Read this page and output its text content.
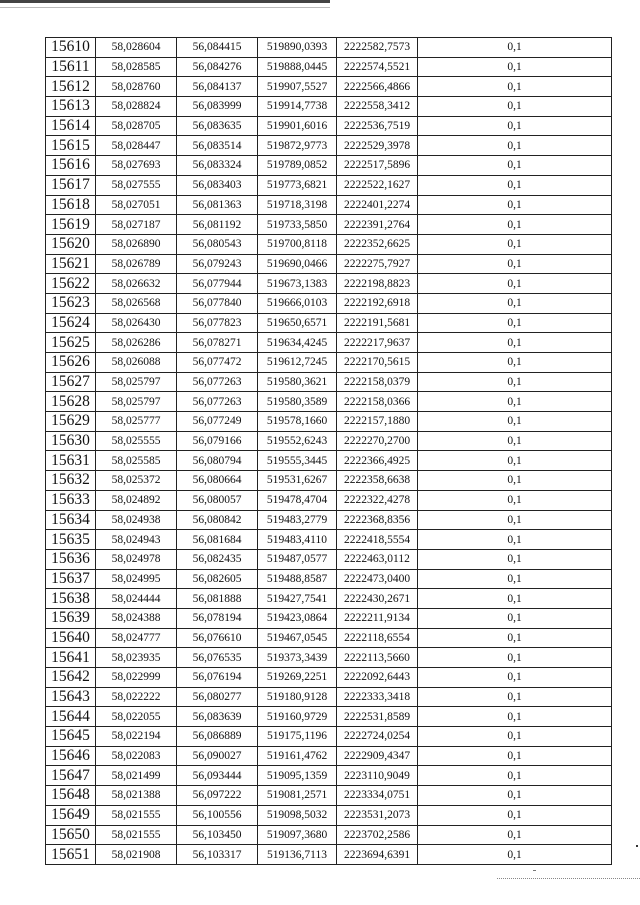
15610	58,028604	56,084415	519890,0393	2222582,7573	0,1
15611	58,028585	56,084276	519888,0445	2222574,5521	0,1
15612	58,028760	56,084137	519907,5527	2222566,4866	0,1
15613	58,028824	56,083999	519914,7738	2222558,3412	0,1
15614	58,028705	56,083635	519901,6016	2222536,7519	0,1
15615	58,028447	56,083514	519872,9773	2222529,3978	0,1
15616	58,027693	56,083324	519789,0852	2222517,5896	0,1
15617	58,027555	56,083403	519773,6821	2222522,1627	0,1
15618	58,027051	56,081363	519718,3198	2222401,2274	0,1
15619	58,027187	56,081192	519733,5850	2222391,2764	0,1
15620	58,026890	56,080543	519700,8118	2222352,6625	0,1
15621	58,026789	56,079243	519690,0466	2222275,7927	0,1
15622	58,026632	56,077944	519673,1383	2222198,8823	0,1
15623	58,026568	56,077840	519666,0103	2222192,6918	0,1
15624	58,026430	56,077823	519650,6571	2222191,5681	0,1
15625	58,026286	56,078271	519634,4245	2222217,9637	0,1
15626	58,026088	56,077472	519612,7245	2222170,5615	0,1
15627	58,025797	56,077263	519580,3621	2222158,0379	0,1
15628	58,025797	56,077263	519580,3589	2222158,0366	0,1
15629	58,025777	56,077249	519578,1660	2222157,1880	0,1
15630	58,025555	56,079166	519552,6243	2222270,2700	0,1
15631	58,025585	56,080794	519555,3445	2222366,4925	0,1
15632	58,025372	56,080664	519531,6267	2222358,6638	0,1
15633	58,024892	56,080057	519478,4704	2222322,4278	0,1
15634	58,024938	56,080842	519483,2779	2222368,8356	0,1
15635	58,024943	56,081684	519483,4110	2222418,5554	0,1
15636	58,024978	56,082435	519487,0577	2222463,0112	0,1
15637	58,024995	56,082605	519488,8587	2222473,0400	0,1
15638	58,024444	56,081888	519427,7541	2222430,2671	0,1
15639	58,024388	56,078194	519423,0864	2222211,9134	0,1
15640	58,024777	56,076610	519467,0545	2222118,6554	0,1
15641	58,023935	56,076535	519373,3439	2222113,5660	0,1
15642	58,022999	56,076194	519269,2251	2222092,6443	0,1
15643	58,022222	56,080277	519180,9128	2222333,3418	0,1
15644	58,022055	56,083639	519160,9729	2222531,8589	0,1
15645	58,022194	56,086889	519175,1196	2222724,0254	0,1
15646	58,022083	56,090027	519161,4762	2222909,4347	0,1
15647	58,021499	56,093444	519095,1359	2223110,9049	0,1
15648	58,021388	56,097222	519081,2571	2223334,0751	0,1
15649	58,021555	56,100556	519098,5032	2223531,2073	0,1
15650	58,021555	56,103450	519097,3680	2223702,2586	0,1
15651	58,021908	56,103317	519136,7113	2223694,6391	0,1
